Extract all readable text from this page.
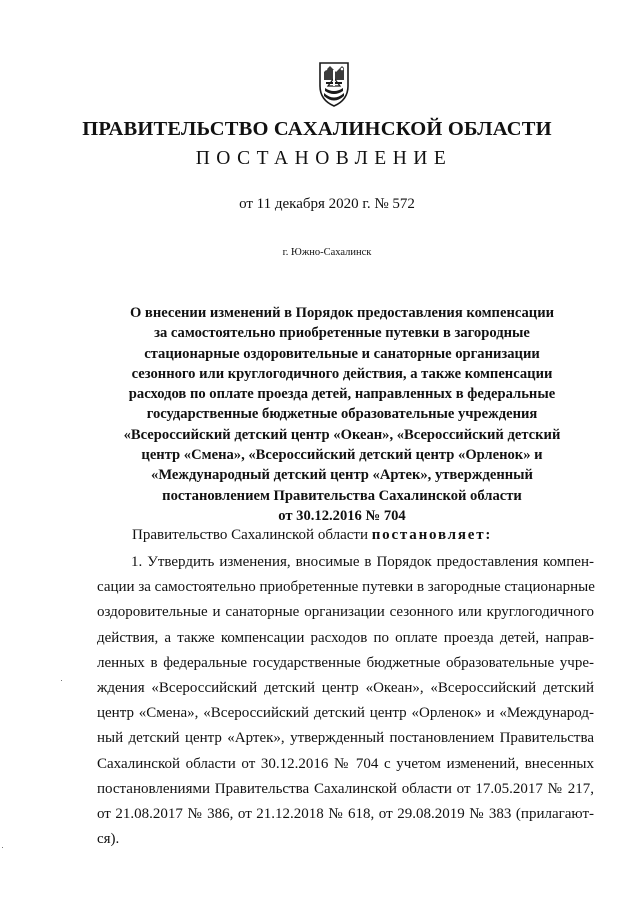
ПРАВИТЕЛЬСТВО САХАЛИНСКОЙ ОБЛАСТИ
ПОСТАНОВЛЕНИЕ
от 11 декабря 2020 г. № 572
г. Южно-Сахалинск
О внесении изменений в Порядок предоставления компенсации
за самостоятельно приобретенные путевки в загородные
стационарные оздоровительные и санаторные организации
сезонного или круглогодичного действия, а также компенсации
расходов по оплате проезда детей, направленных в федеральные
государственные бюджетные образовательные учреждения
«Всероссийский детский центр «Океан», «Всероссийский детский
центр «Смена», «Всероссийский детский центр «Орленок» и
«Международный детский центр «Артек», утвержденный
постановлением Правительства Сахалинской области
от 30.12.2016 № 704
Правительство Сахалинской области постановляет:
1. Утвердить изменения, вносимые в Порядок предоставления компен-
сации за самостоятельно приобретенные путевки в загородные стационарные
оздоровительные и санаторные организации сезонного или круглогодичного
действия, а также компенсации расходов по оплате проезда детей, направ-
ленных в федеральные государственные бюджетные образовательные учре-
ждения «Всероссийский детский центр «Океан», «Всероссийский детский
центр «Смена», «Всероссийский детский центр «Орленок» и «Международ-
ный детский центр «Артек», утвержденный постановлением Правительства
Сахалинской области от 30.12.2016 № 704 с учетом изменений, внесенных
постановлениями Правительства Сахалинской области от 17.05.2017 № 217,
от 21.08.2017 № 386, от 21.12.2018 № 618, от 29.08.2019 № 383 (прилагают-
ся).
